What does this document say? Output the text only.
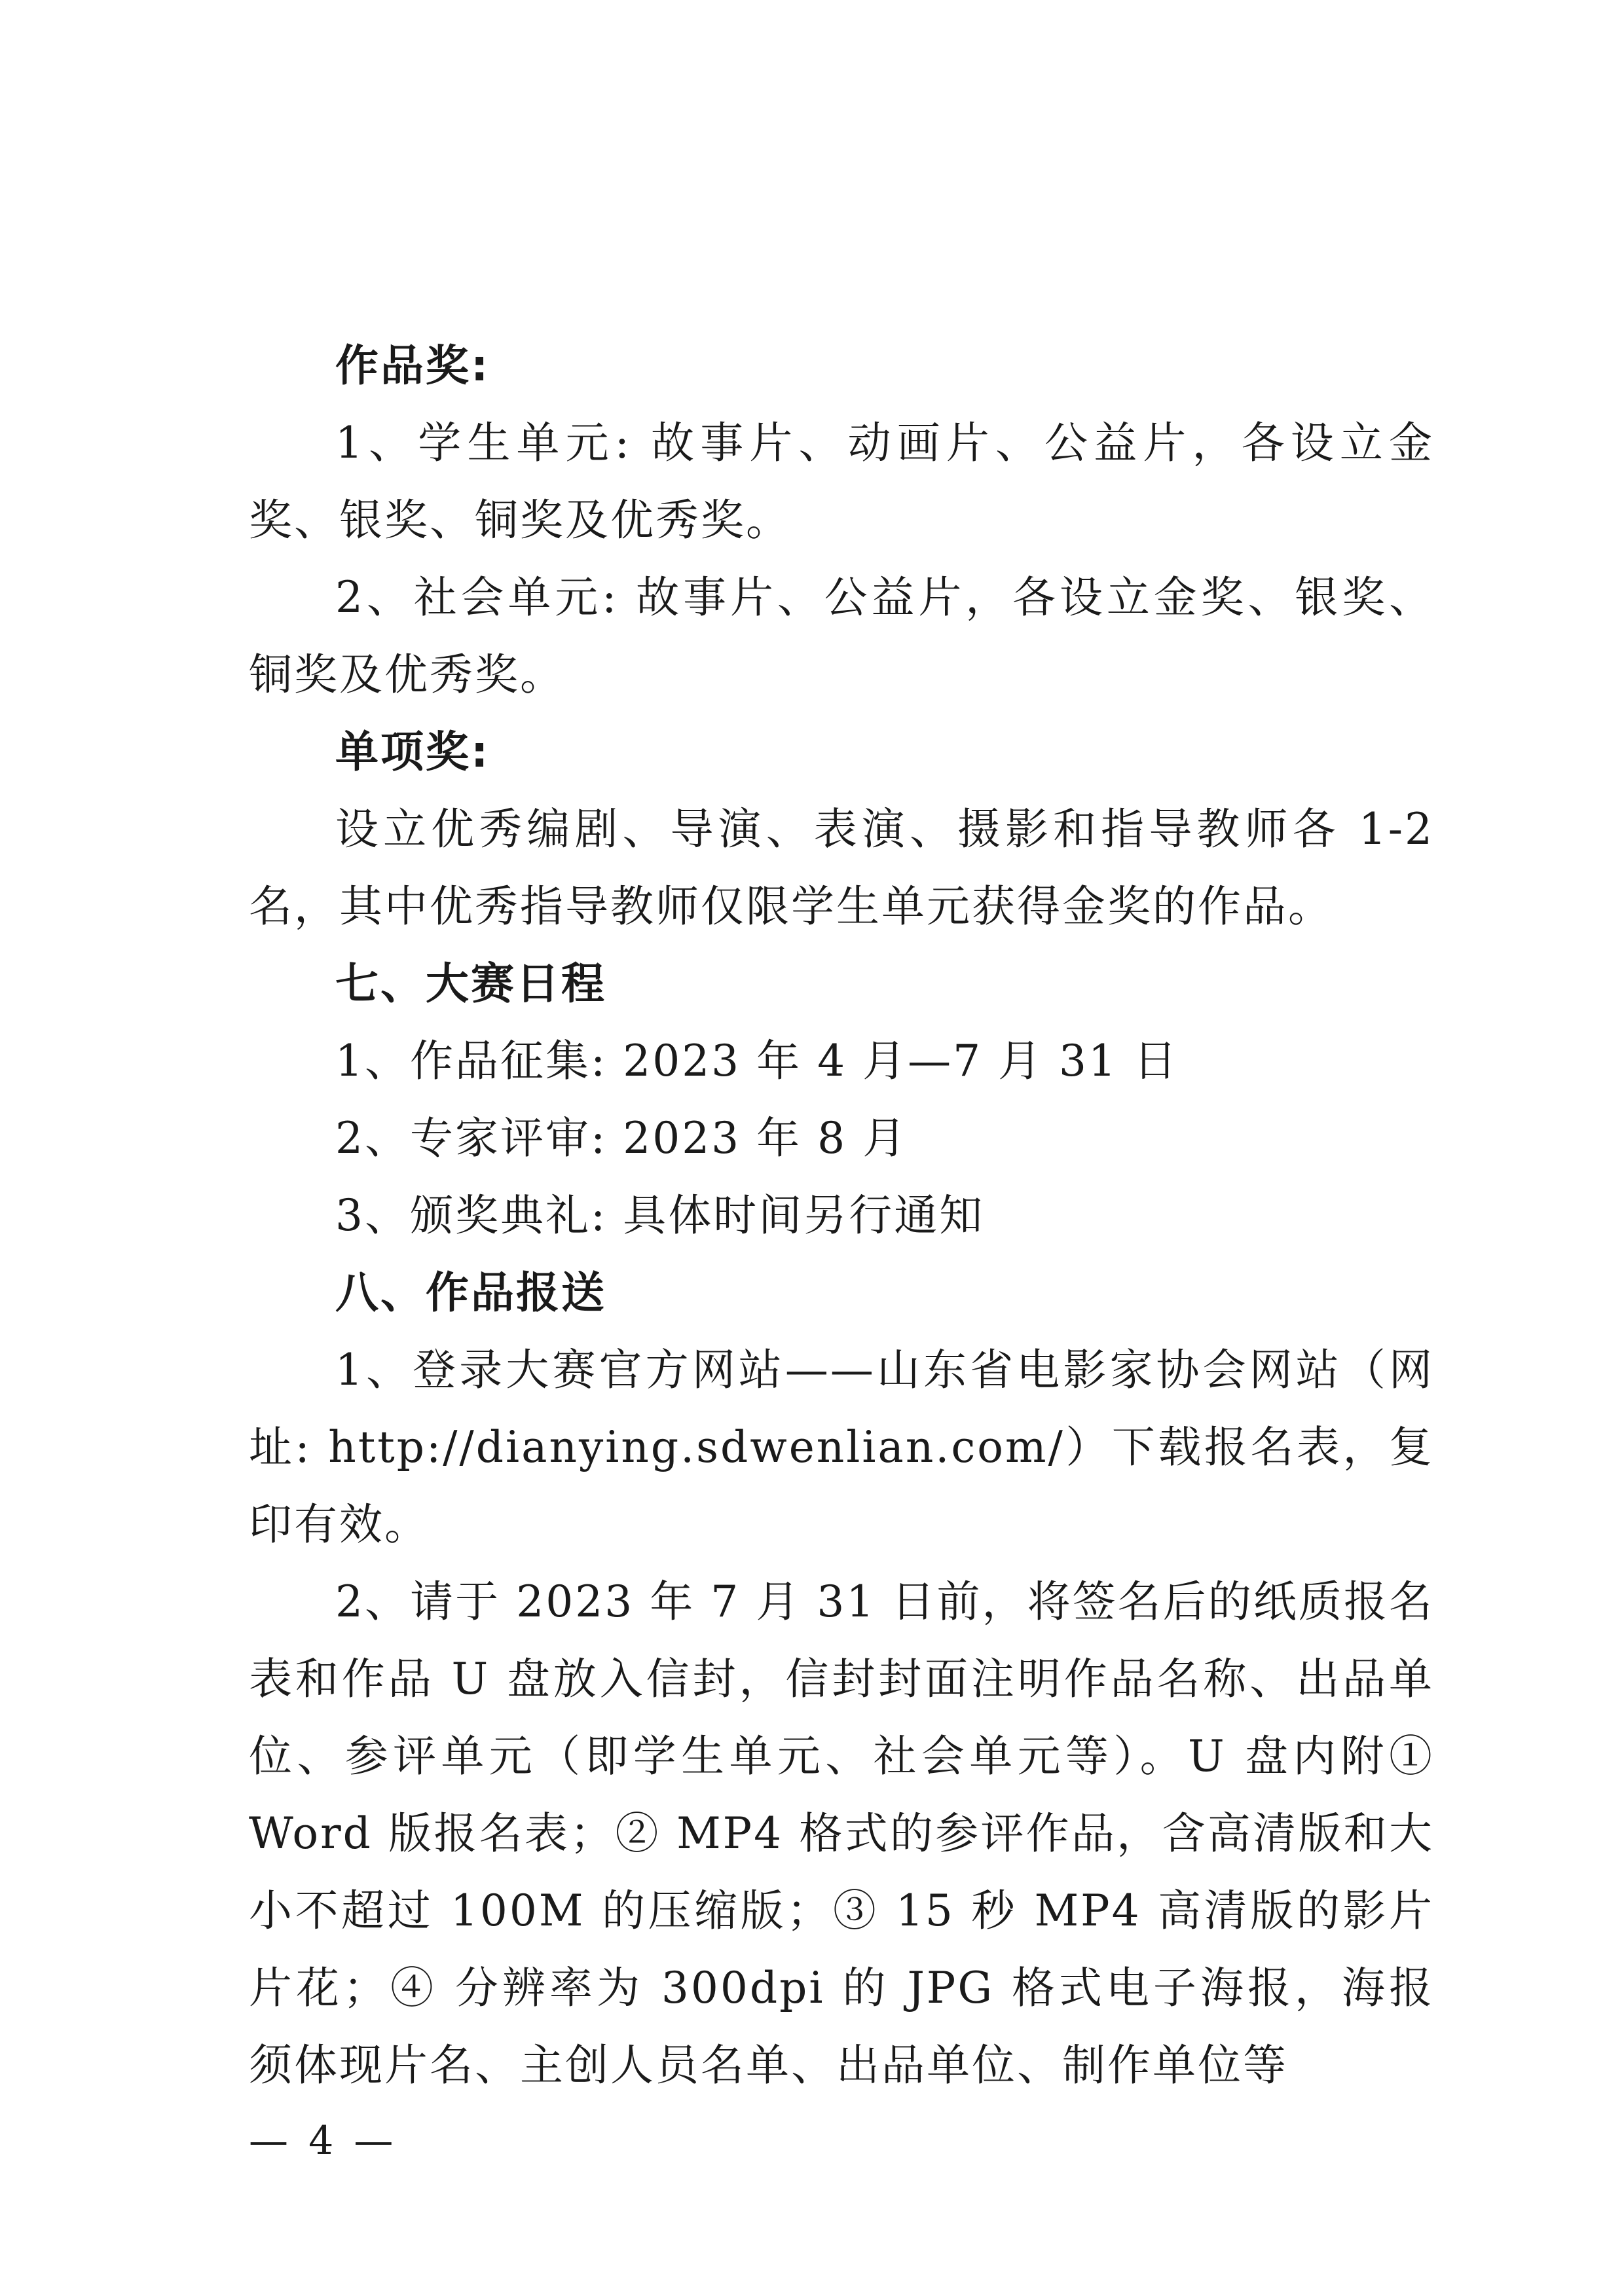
作品奖:

1、学生单元: 故事片、动画片、公益片，各设立金奖、银奖、铜奖及优秀奖。

2、社会单元: 故事片、公益片，各设立金奖、银奖、铜奖及优秀奖。

单项奖:

设立优秀编剧、导演、表演、摄影和指导教师各 1-2 名，其中优秀指导教师仅限学生单元获得金奖的作品。

七、大赛日程

1、作品征集: 2023 年 4 月—7 月 31 日

2、专家评审: 2023 年 8 月

3、颁奖典礼: 具体时间另行通知

八、作品报送

1、登录大赛官方网站——山东省电影家协会网站（网址: http://dianying.sdwenlian.com/）下载报名表，复印有效。

2、请于 2023 年 7 月 31 日前，将签名后的纸质报名表和作品 U 盘放入信封，信封封面注明作品名称、出品单位、参评单元（即学生单元、社会单元等）。U 盘内附① Word 版报名表；② MP4 格式的参评作品，含高清版和大小不超过 100M 的压缩版；③ 15 秒 MP4 高清版的影片片花；④ 分辨率为 300dpi 的 JPG 格式电子海报，海报须体现片名、主创人员名单、出品单位、制作单位等

— 4 —
